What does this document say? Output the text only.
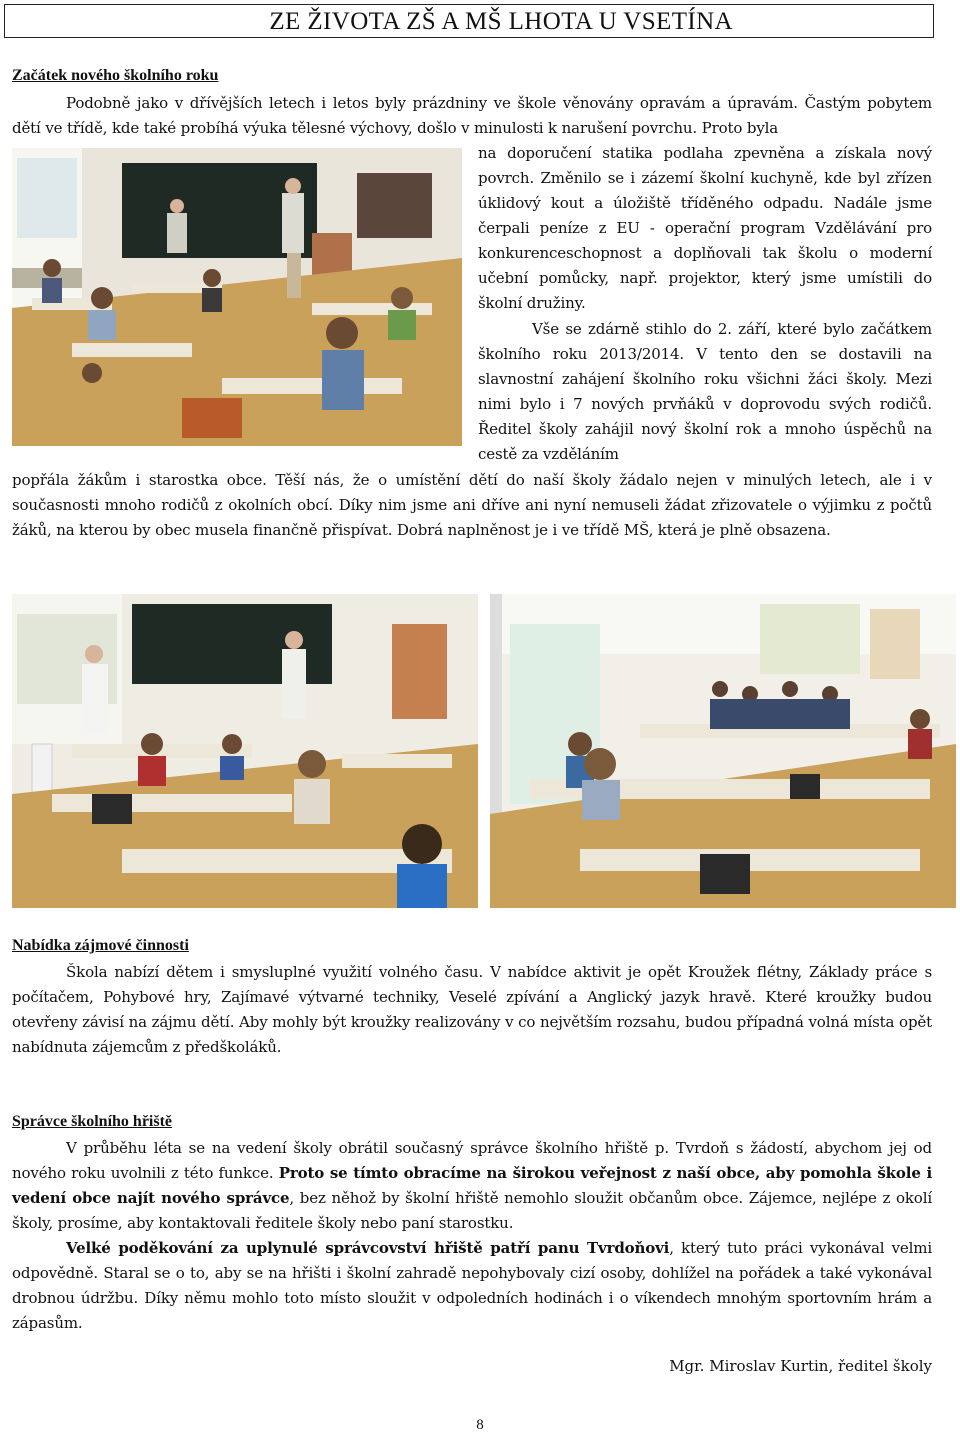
ZE ŽIVOTA ZŠ A MŠ LHOTA U VSETÍNA
Začátek nového školního roku

Podobně jako v dřívějších letech i letos byly prázdniny ve škole věnovány opravám a úpravám. Častým pobytem dětí ve třídě, kde také probíhá výuka tělesné výchovy, došlo v minulosti k narušení povrchu. Proto byla

na doporučení statika podlaha zpevněna a získala nový povrch. Změnilo se i zázemí školní kuchyně, kde byl zřízen úklidový kout a úložiště tříděného odpadu. Nadále jsme čerpali peníze z EU - operační program Vzdělávání pro konkurenceschopnost a doplňovali tak školu o moderní učební pomůcky, např. projektor, který jsme umístili do školní družiny.

Vše se zdárně stihlo do 2. září, které bylo začátkem školního roku 2013/2014. V tento den se dostavili na slavnostní zahájení školního roku všichni žáci školy. Mezi nimi bylo i 7 nových prvňáků v doprovodu svých rodičů. Ředitel školy zahájil nový školní rok a mnoho úspěchů na cestě za vzděláním

popřála žákům i starostka obce. Těší nás, že o umístění dětí do naší školy žádalo nejen v minulých letech, ale i v současnosti mnoho rodičů z okolních obcí. Díky nim jsme ani dříve ani nyní nemuseli žádat zřizovatele o výjimku z počtů žáků, na kterou by obec musela finančně přispívat. Dobrá naplněnost je i ve třídě MŠ, která je plně obsazena.

Nabídka zájmové činnosti

Škola nabízí dětem i smysluplné využití volného času. V nabídce aktivit je opět Kroužek flétny, Základy práce s počítačem, Pohybové hry, Zajímavé výtvarné techniky, Veselé zpívání a Anglický jazyk hravě. Které kroužky budou otevřeny závisí na zájmu dětí. Aby mohly být kroužky realizovány v co největším rozsahu, budou případná volná místa opět nabídnuta zájemcům z předškoláků.

Správce školního hřiště

V průběhu léta se na vedení školy obrátil současný správce školního hřiště p. Tvrdoň s žádostí, abychom jej od nového roku uvolnili z této funkce. Proto se tímto obracíme na širokou veřejnost z naší obce, aby pomohla škole i vedení obce najít nového správce, bez něhož by školní hřiště nemohlo sloužit občanům obce. Zájemce, nejlépe z okolí školy, prosíme, aby kontaktovali ředitele školy nebo paní starostku.

Velké poděkování za uplynulé správcovství hřiště patří panu Tvrdoňovi, který tuto práci vykonával velmi odpovědně. Staral se o to, aby se na hřišti i školní zahradě nepohybovaly cizí osoby, dohlížel na pořádek a také vykonával drobnou údržbu. Díky němu mohlo toto místo sloužit v odpoledních hodinách i o víkendech mnohým sportovním hrám a zápasům.

Mgr. Miroslav Kurtin, ředitel školy
8
